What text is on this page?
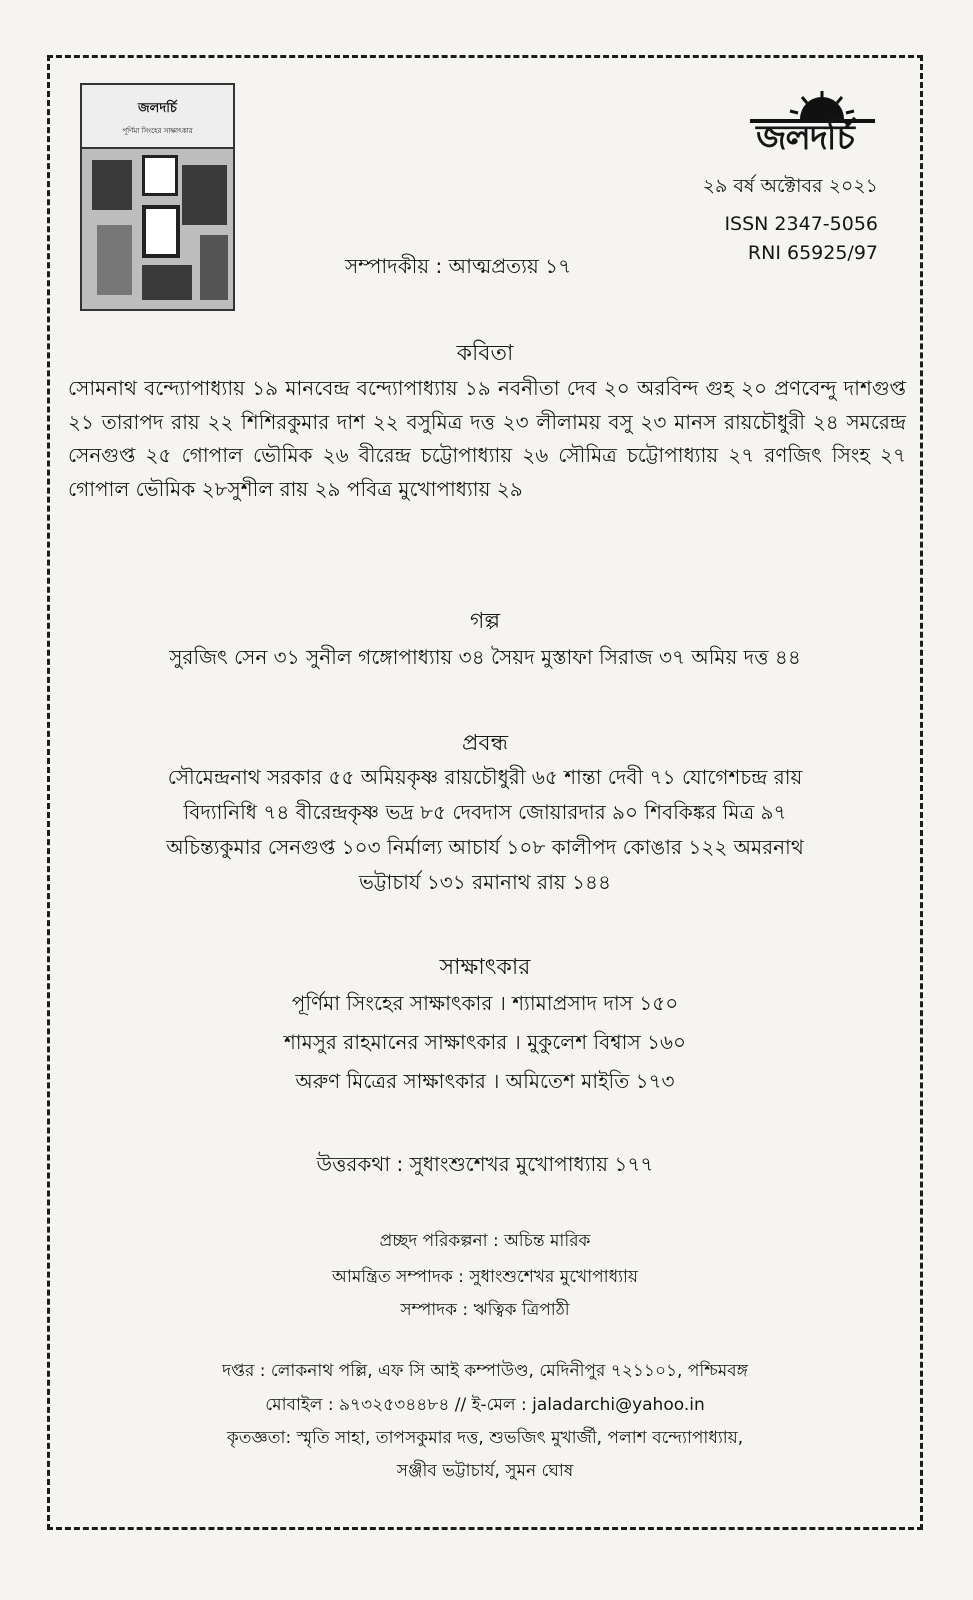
জলদর্চি
পূর্ণিমা সিংহের সাক্ষাৎকার	জলদর্চি
২৯ বর্ষ অক্টোবর ২০২১
ISSN 2347-5056
RNI 65925/97
সম্পাদকীয় : আত্মপ্রত্যয় ১৭
কবিতা
সোমনাথ বন্দ্যোপাধ্যায় ১৯ মানবেন্দ্র বন্দ্যোপাধ্যায় ১৯ নবনীতা দেব ২০ অরবিন্দ গুহ ২০ প্রণবেন্দু দাশগুপ্ত ২১ তারাপদ রায় ২২ শিশিরকুমার দাশ ২২ বসুমিত্র দত্ত ২৩ লীলাময় বসু ২৩ মানস রায়চৌধুরী ২৪ সমরেন্দ্র সেনগুপ্ত ২৫ গোপাল ভৌমিক ২৬ বীরেন্দ্র চট্টোপাধ্যায় ২৬ সৌমিত্র চট্টোপাধ্যায় ২৭ রণজিৎ সিংহ ২৭ গোপাল ভৌমিক ২৮সুশীল রায় ২৯ পবিত্র মুখোপাধ্যায় ২৯
গল্প
সুরজিৎ সেন ৩১ সুনীল গঙ্গোপাধ্যায় ৩৪ সৈয়দ মুস্তাফা সিরাজ ৩৭ অমিয় দত্ত ৪৪
প্রবন্ধ
সৌমেন্দ্রনাথ সরকার ৫৫ অমিয়কৃষ্ণ রায়চৌধুরী ৬৫ শান্তা দেবী ৭১ যোগেশচন্দ্র রায়
বিদ্যানিধি ৭৪ বীরেন্দ্রকৃষ্ণ ভদ্র ৮৫ দেবদাস জোয়ারদার ৯০ শিবকিঙ্কর মিত্র ৯৭
অচিন্ত্যকুমার সেনগুপ্ত ১০৩ নির্মাল্য আচার্য ১০৮ কালীপদ কোঙার ১২২ অমরনাথ
ভট্টাচার্য ১৩১ রমানাথ রায় ১৪৪
সাক্ষাৎকার
পূর্ণিমা সিংহের সাক্ষাৎকার । শ্যামাপ্রসাদ দাস ১৫০
শামসুর রাহমানের সাক্ষাৎকার । মুকুলেশ বিশ্বাস ১৬০
অরুণ মিত্রের সাক্ষাৎকার । অমিতেশ মাইতি ১৭৩
উত্তরকথা : সুধাংশুশেখর মুখোপাধ্যায় ১৭৭
প্রচ্ছদ পরিকল্পনা : অচিন্ত মারিক
আমন্ত্রিত সম্পাদক : সুধাংশুশেখর মুখোপাধ্যায়
সম্পাদক : ঋত্বিক ত্রিপাঠী
দপ্তর : লোকনাথ পল্লি, এফ সি আই কম্পাউণ্ড, মেদিনীপুর ৭২১১০১, পশ্চিমবঙ্গ
মোবাইল : ৯৭৩২৫৩৪৪৮৪ // ই-মেল : jaladarchi@yahoo.in
কৃতজ্ঞতা: স্মৃতি সাহা, তাপসকুমার দত্ত, শুভজিৎ মুখার্জী, পলাশ বন্দ্যোপাধ্যায়,
সঞ্জীব ভট্টাচার্য, সুমন ঘোষ
